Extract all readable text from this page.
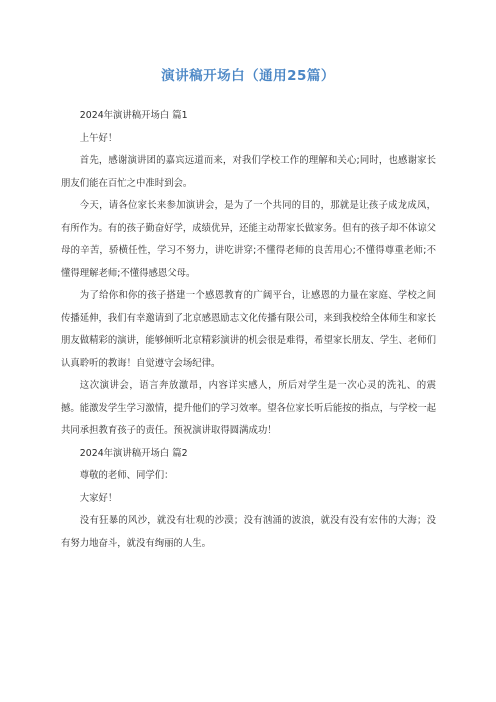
演讲稿开场白（通用25篇）

2024年演讲稿开场白 篇1

上午好！

首先，感谢演讲团的嘉宾远道而来，对我们学校工作的理解和关心;同时，也感谢家长朋友们能在百忙之中准时到会。

今天，请各位家长来参加演讲会，是为了一个共同的目的，那就是让孩子成龙成凤，有所作为。有的孩子勤奋好学，成绩优异，还能主动帮家长做家务。但有的孩子却不体谅父母的辛苦，骄横任性，学习不努力，讲吃讲穿;不懂得老师的良苦用心;不懂得尊重老师;不懂得理解老师;不懂得感恩父母。

为了给你和你的孩子搭建一个感恩教育的广阔平台，让感恩的力量在家庭、学校之间传播延伸，我们有幸邀请到了北京感恩励志文化传播有限公司，来到我校给全体师生和家长朋友做精彩的演讲，能够倾听北京精彩演讲的机会很是难得，希望家长朋友、学生、老师们认真聆听的教诲！自觉遵守会场纪律。

这次演讲会，语言奔放激昂，内容详实感人，所后对学生是一次心灵的洗礼、的震撼。能激发学生学习激情，提升他们的学习效率。望各位家长听后能按的指点，与学校一起共同承担教育孩子的责任。预祝演讲取得圆满成功！

2024年演讲稿开场白 篇2

尊敬的老师、同学们：

大家好！

没有狂暴的风沙，就没有壮观的沙漠；没有汹涌的波浪，就没有没有宏伟的大海；没有努力地奋斗，就没有绚丽的人生。
